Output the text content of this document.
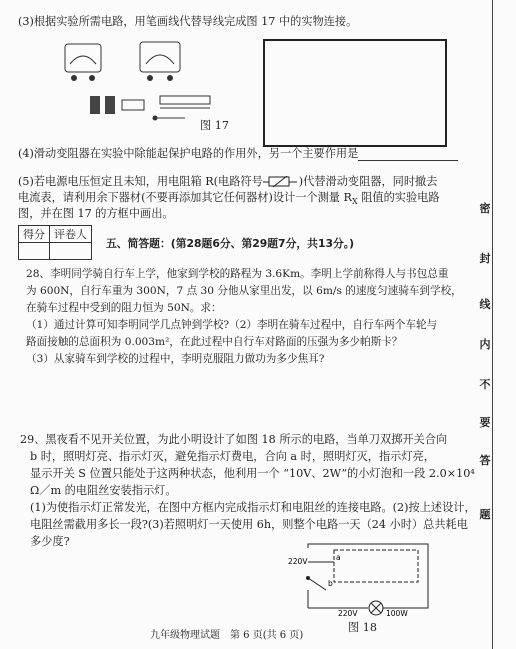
(3)根据实验所需电路，用笔画线代替导线完成图 17 中的实物连接。
图 17
(4)滑动变阻器在实验中除能起保护电路的作用外，另一个主要作用是
(5)若电源电压恒定且未知，用电阻箱 R(电路符号	)代替滑动变阻器，同时撤去
电流表，请利用余下器材(不要再添加其它任何器材)设计一个测量 $R_X$ 阻值的实验电路
图，并在图 17 的方框中画出。
得分	评卷人

五、简答题：(第28题6分、第29题7分，共13分。)
28、李明同学骑自行车上学，他家到学校的路程为 3.6Km。李明上学前称得人与书包总重
为 600N，自行车重为 300N，7 点 30 分他从家里出发，以 6m/s 的速度匀速骑车到学校，
在骑车过程中受到的阻力恒为 50N。求：
（1）通过计算可知李明同学几点钟到学校?（2）李明在骑车过程中，自行车两个车轮与
路面接触的总面积为 0.003m²，在此过程中自行车对路面的压强为多少帕斯卡？
（3）从家骑车到学校的过程中，李明克服阻力做功为多少焦耳?
29、黑夜看不见开关位置，为此小明设计了如图 18 所示的电路，当单刀双掷开关合向
b 时，照明灯亮、指示灯灭，避免指示灯费电，合向 a 时，照明灯灭，指示灯亮，
显示开关 S 位置只能处于这两种状态，他利用一个 “10V、2W”的小灯泡和一段 2.0×10⁴
Ω／m 的电阻丝安装指示灯。
(1)为使指示灯正常发光，在图中方框内完成指示灯和电阻丝的连接电路。(2)按上述设计，
电阻丝需截用多长一段?(3)若照明灯一天使用 6h，则整个电路一天（24 小时）总共耗电
多少度?
220V
b
a
220V	100W
图 18
九年级物理试题　第 6 页(共 6 页)
密
封
线
内
不
要
答
题
